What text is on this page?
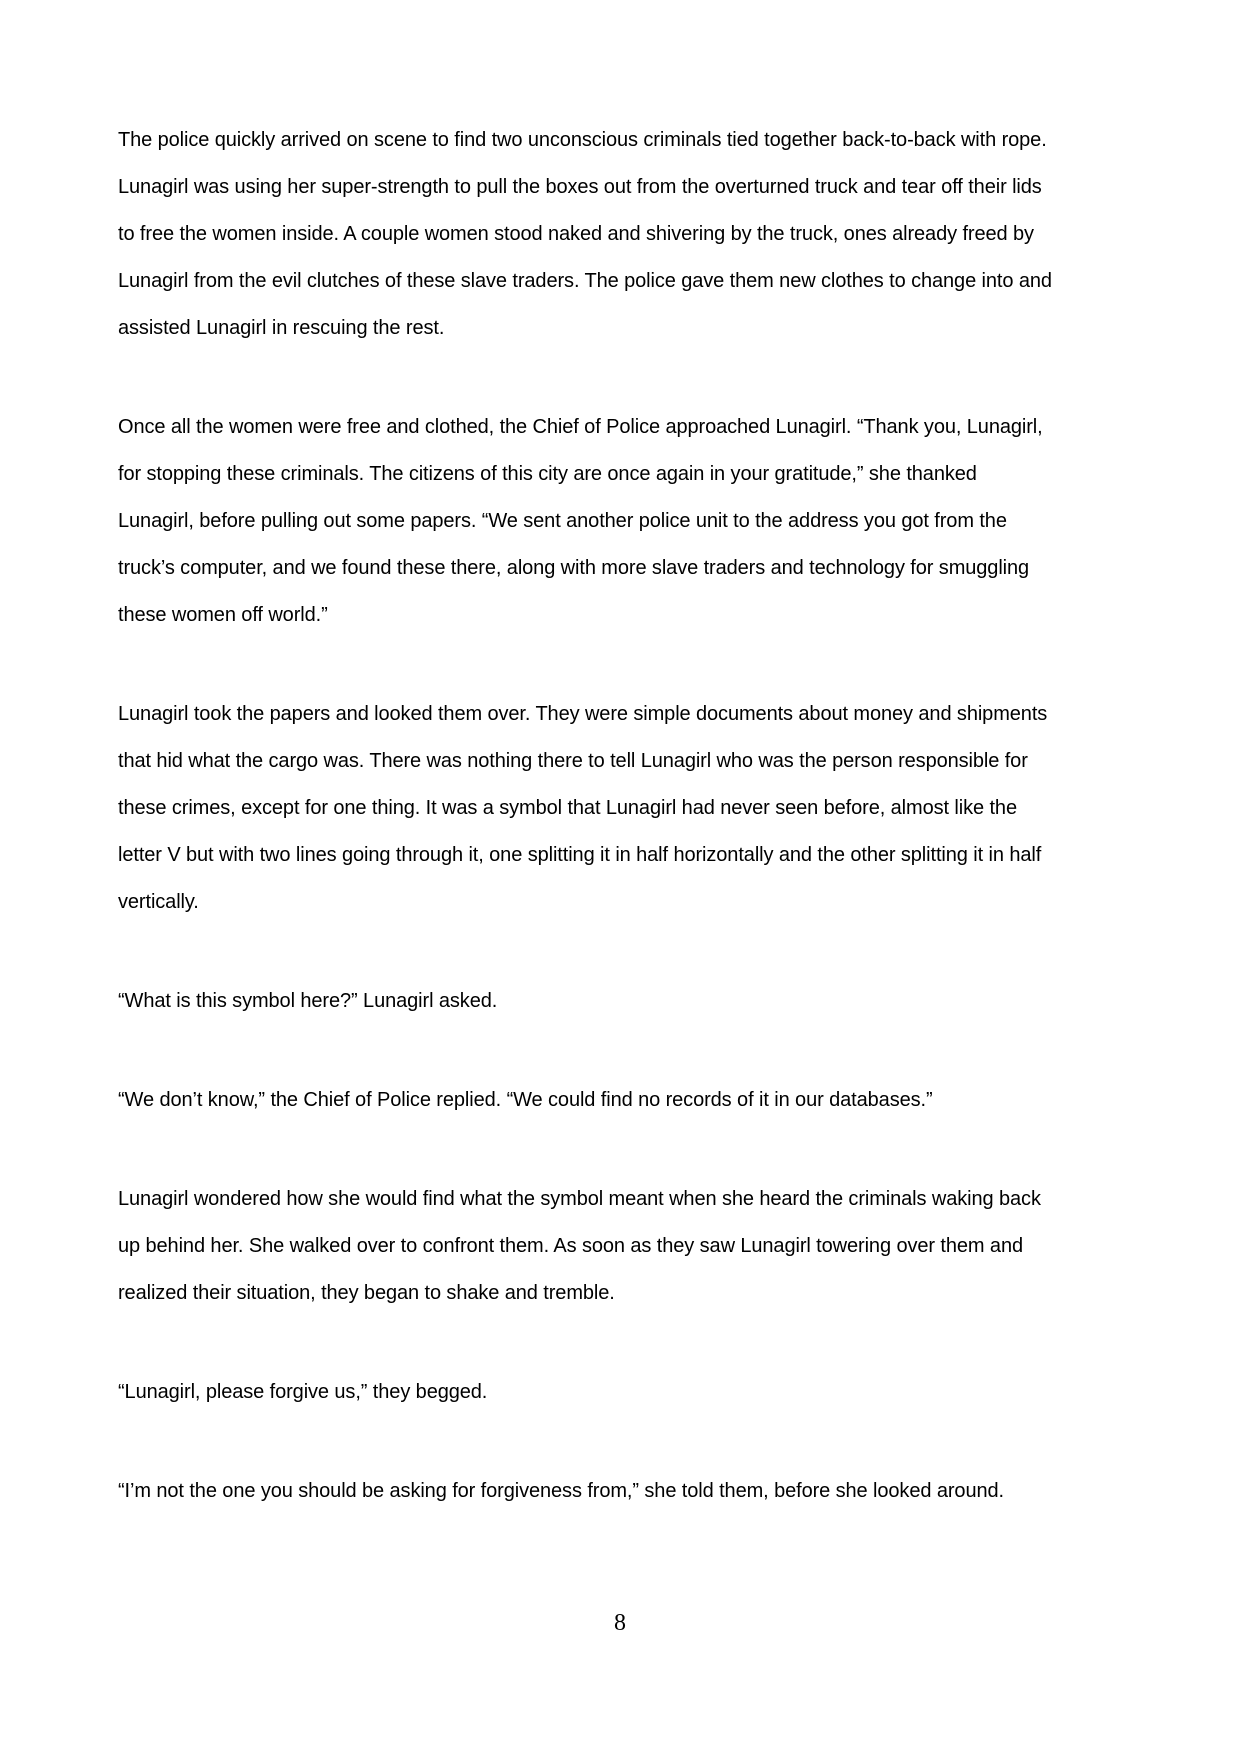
The police quickly arrived on scene to find two unconscious criminals tied together back-to-back with rope.
Lunagirl was using her super-strength to pull the boxes out from the overturned truck and tear off their lids
to free the women inside. A couple women stood naked and shivering by the truck, ones already freed by
Lunagirl from the evil clutches of these slave traders. The police gave them new clothes to change into and
assisted Lunagirl in rescuing the rest.

Once all the women were free and clothed, the Chief of Police approached Lunagirl. “Thank you, Lunagirl,
for stopping these criminals. The citizens of this city are once again in your gratitude,” she thanked
Lunagirl, before pulling out some papers. “We sent another police unit to the address you got from the
truck’s computer, and we found these there, along with more slave traders and technology for smuggling
these women off world.”

Lunagirl took the papers and looked them over. They were simple documents about money and shipments
that hid what the cargo was. There was nothing there to tell Lunagirl who was the person responsible for
these crimes, except for one thing. It was a symbol that Lunagirl had never seen before, almost like the
letter V but with two lines going through it, one splitting it in half horizontally and the other splitting it in half
vertically.

“What is this symbol here?” Lunagirl asked.

“We don’t know,” the Chief of Police replied. “We could find no records of it in our databases.”

Lunagirl wondered how she would find what the symbol meant when she heard the criminals waking back
up behind her. She walked over to confront them. As soon as they saw Lunagirl towering over them and
realized their situation, they began to shake and tremble.

“Lunagirl, please forgive us,” they begged.

“I’m not the one you should be asking for forgiveness from,” she told them, before she looked around.

8
